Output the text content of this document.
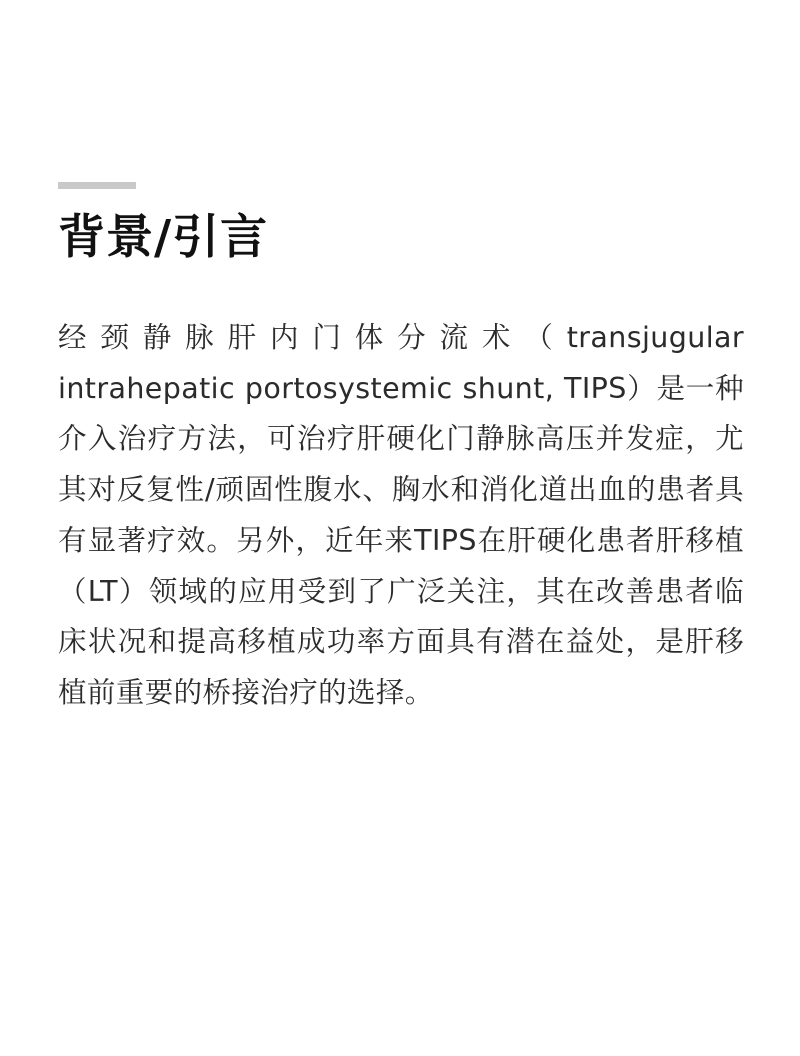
背景/引言

经颈静脉肝内门体分流术（transjugular intrahepatic portosystemic shunt, TIPS）是一种介入治疗方法，可治疗肝硬化门静脉高压并发症，尤其对反复性/顽固性腹水、胸水和消化道出血的患者具有显著疗效。另外，近年来TIPS在肝硬化患者肝移植（LT）领域的应用受到了广泛关注，其在改善患者临床状况和提高移植成功率方面具有潜在益处，是肝移植前重要的桥接治疗的选择。
